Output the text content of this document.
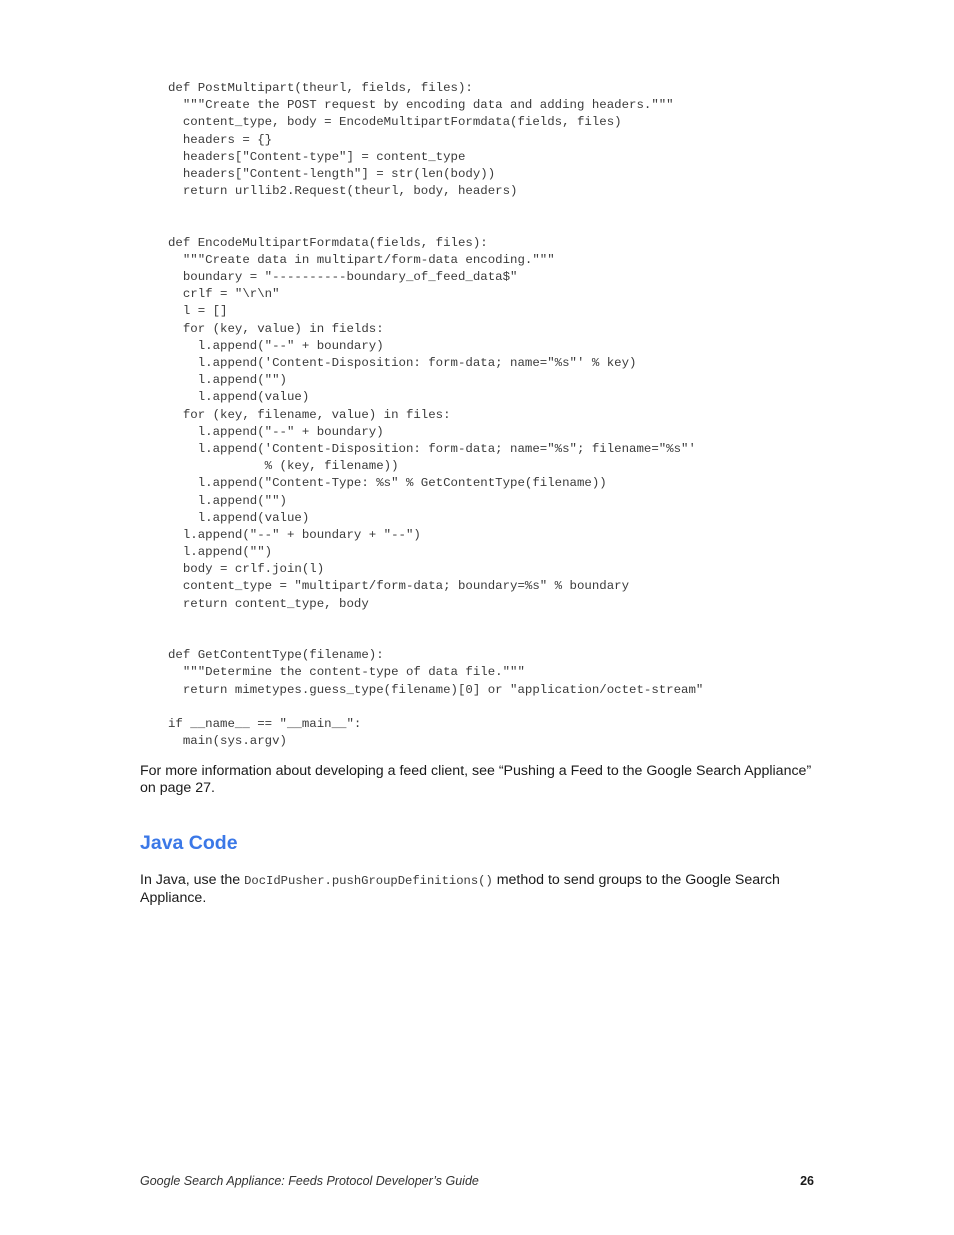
def PostMultipart(theurl, fields, files):
"""Create the POST request by encoding data and adding headers."""
content_type, body = EncodeMultipartFormdata(fields, files)
headers = {}
headers["Content-type"] = content_type
headers["Content-length"] = str(len(body))
return urllib2.Request(theurl, body, headers)
def EncodeMultipartFormdata(fields, files):
"""Create data in multipart/form-data encoding."""
boundary = "----------boundary_of_feed_data$"
crlf = "\r\n"
l = []
for (key, value) in fields:
l.append("--" + boundary)
l.append('Content-Disposition: form-data; name="%s"' % key)
l.append("")
l.append(value)
for (key, filename, value) in files:
l.append("--" + boundary)
l.append('Content-Disposition: form-data; name="%s"; filename="%s"'
% (key, filename))
l.append("Content-Type: %s" % GetContentType(filename))
l.append("")
l.append(value)
l.append("--" + boundary + "--")
l.append("")
body = crlf.join(l)
content_type = "multipart/form-data; boundary=%s" % boundary
return content_type, body
def GetContentType(filename):
"""Determine the content-type of data file."""
return mimetypes.guess_type(filename)[0] or "application/octet-stream"
if __name__ == "__main__":
main(sys.argv)

For more information about developing a feed client, see “Pushing a Feed to the Google Search Appliance” on page 27.

Java Code

In Java, use the DocIdPusher.pushGroupDefinitions() method to send groups to the Google Search Appliance.

Google Search Appliance: Feeds Protocol Developer’s Guide	26
